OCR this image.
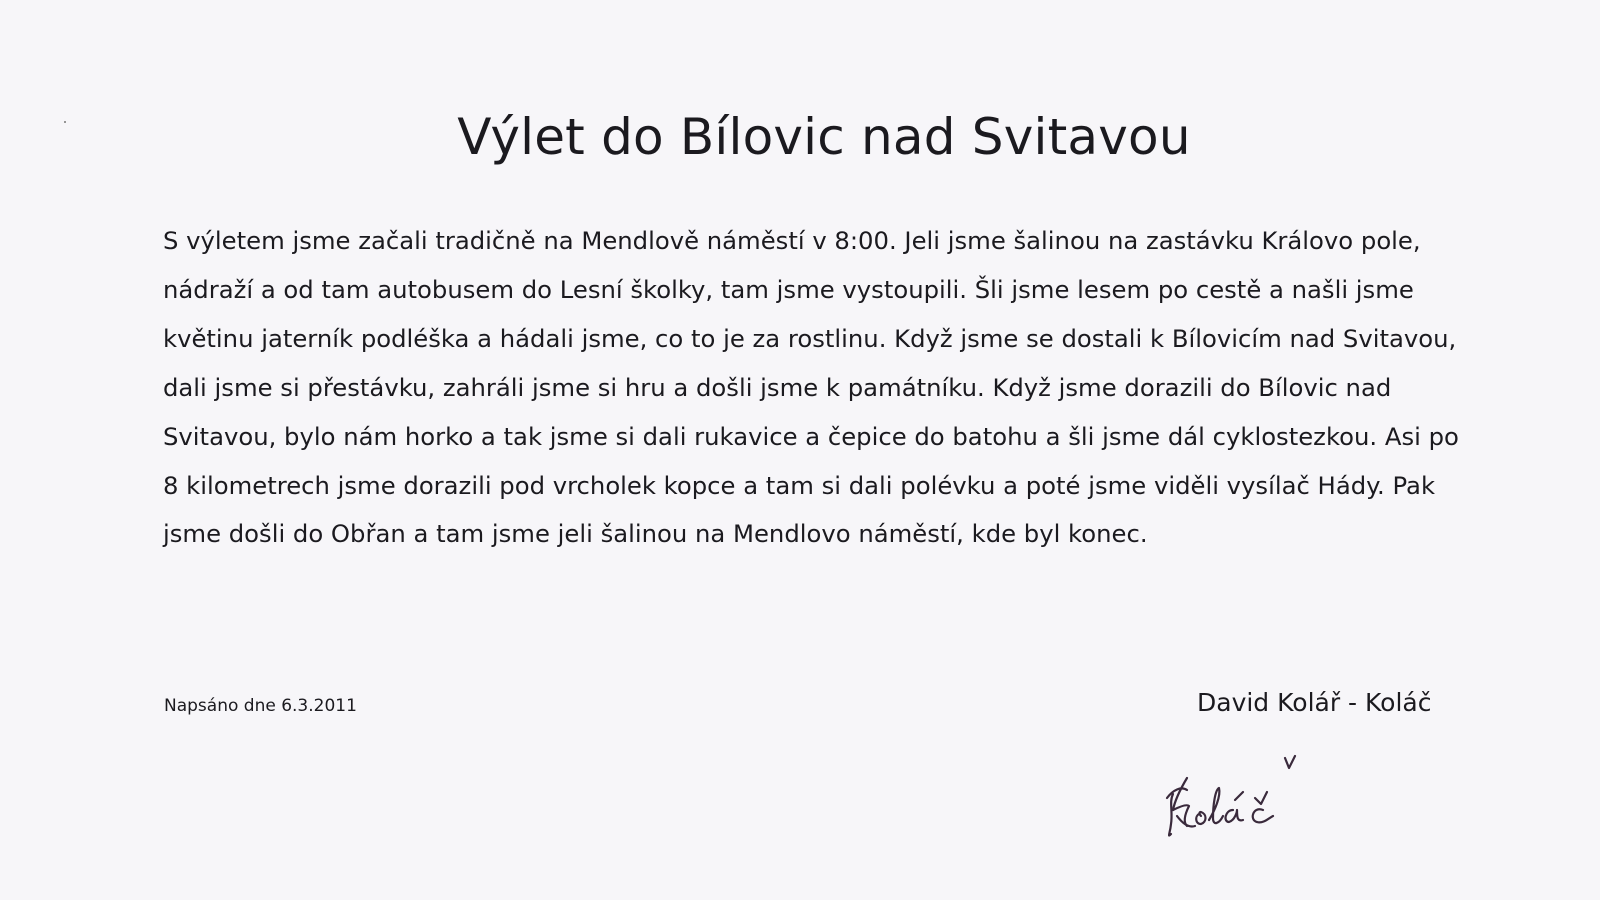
Výlet do Bílovic nad Svitavou

S výletem jsme začali tradičně na Mendlově náměstí v 8:00. Jeli jsme šalinou na zastávku Královo pole, nádraží a od tam autobusem do Lesní školky, tam jsme vystoupili. Šli jsme lesem po cestě a našli jsme květinu jaterník podléška a hádali jsme, co to je za rostlinu. Když jsme se dostali k Bílovicím nad Svitavou, dali jsme si přestávku, zahráli jsme si hru a došli jsme k památníku. Když jsme dorazili do Bílovic nad Svitavou, bylo nám horko a tak jsme si dali rukavice a čepice do batohu a šli jsme dál cyklostezkou. Asi po 8 kilometrech jsme dorazili pod vrcholek kopce a tam si dali polévku a poté jsme viděli vysílač Hády. Pak jsme došli do Obřan a tam jsme jeli šalinou na Mendlovo náměstí, kde byl konec.

Napsáno dne 6.3.2011	David Kolář - Koláč
